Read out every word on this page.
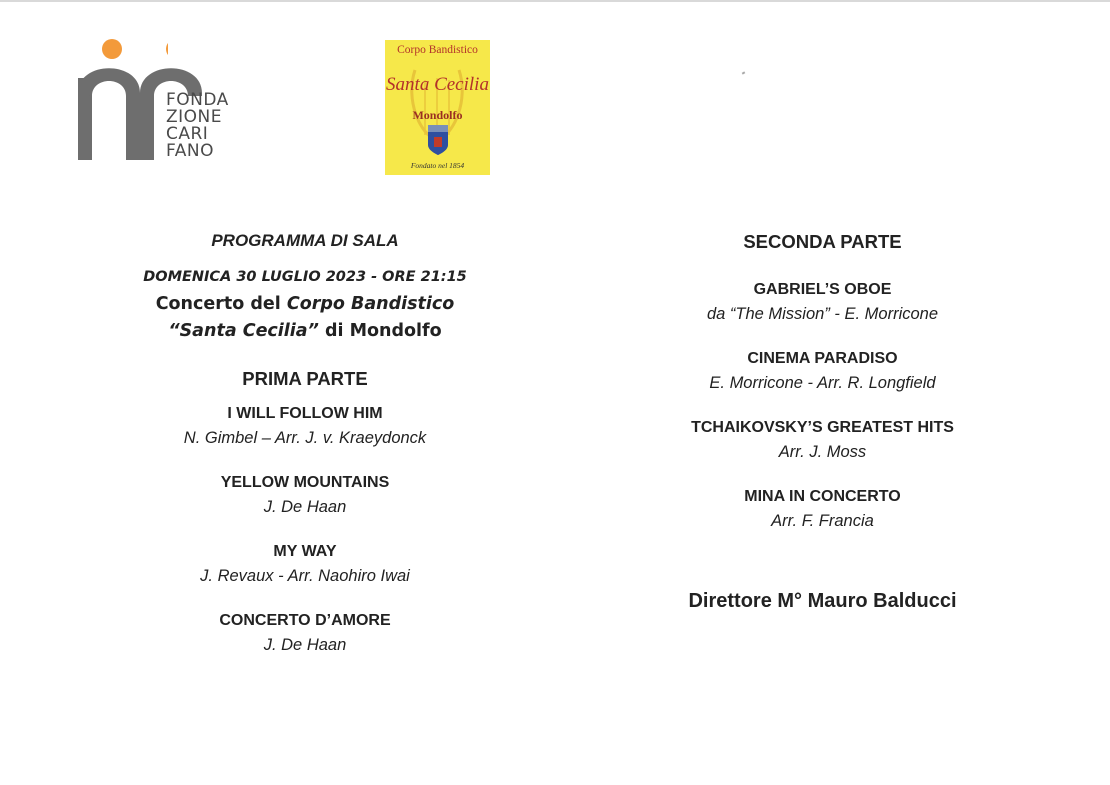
FONDA
ZIONE
CARI
FANO
Corpo Bandistico
Santa Cecilia
Mondolfo
Fondato nel 1854
PROGRAMMA DI SALA
DOMENICA 30 LUGLIO 2023 - ORE 21:15
Concerto del Corpo Bandistico
“Santa Cecilia” di Mondolfo
PRIMA PARTE
I WILL FOLLOW HIM
N. Gimbel – Arr. J. v. Kraeydonck
YELLOW MOUNTAINS
J. De Haan
MY WAY
J. Revaux - Arr. Naohiro Iwai
CONCERTO D’AMORE
J. De Haan
SECONDA PARTE
GABRIEL’S OBOE
da “The Mission” - E. Morricone
CINEMA PARADISO
E. Morricone - Arr. R. Longfield
TCHAIKOVSKY’S GREATEST HITS
Arr. J. Moss
MINA IN CONCERTO
Arr. F. Francia
Direttore M° Mauro Balducci
